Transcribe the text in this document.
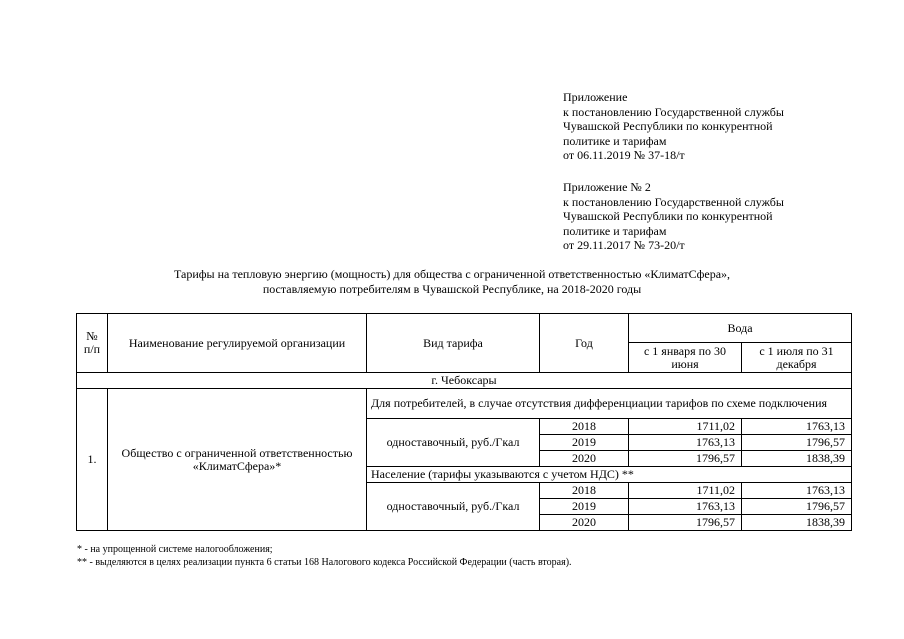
Приложение
к постановлению Государственной службы
Чувашской Республики по конкурентной
политике и тарифам
от 06.11.2019 № 37-18/т
Приложение № 2
к постановлению Государственной службы
Чувашской Республики по конкурентной
политике и тарифам
от 29.11.2017 № 73-20/т
Тарифы на тепловую энергию (мощность) для общества с ограниченной ответственностью «КлиматСфера»,
поставляемую потребителям в Чувашской Республике, на 2018-2020 годы
№ п/п	Наименование регулируемой организации	Вид тарифа	Год	Вода	
				с 1 января по 30 июня	с 1 июля по 31 декабря
г. Чебоксары					
1.	Общество с ограниченной ответственностью «КлиматСфера»*	Для потребителей, в случае отсутствия дифференциации тарифов по схеме подключения			
		одноставочный, руб./Гкал	2018	1711,02	1763,13
			2019	1763,13	1796,57
			2020	1796,57	1838,39
		Население (тарифы указываются с учетом НДС) **			
		одноставочный, руб./Гкал	2018	1711,02	1763,13
			2019	1763,13	1796,57
			2020	1796,57	1838,39
* - на упрощенной системе налогообложения;
** - выделяются в целях реализации пункта 6 статьи 168 Налогового кодекса Российской Федерации (часть вторая).
